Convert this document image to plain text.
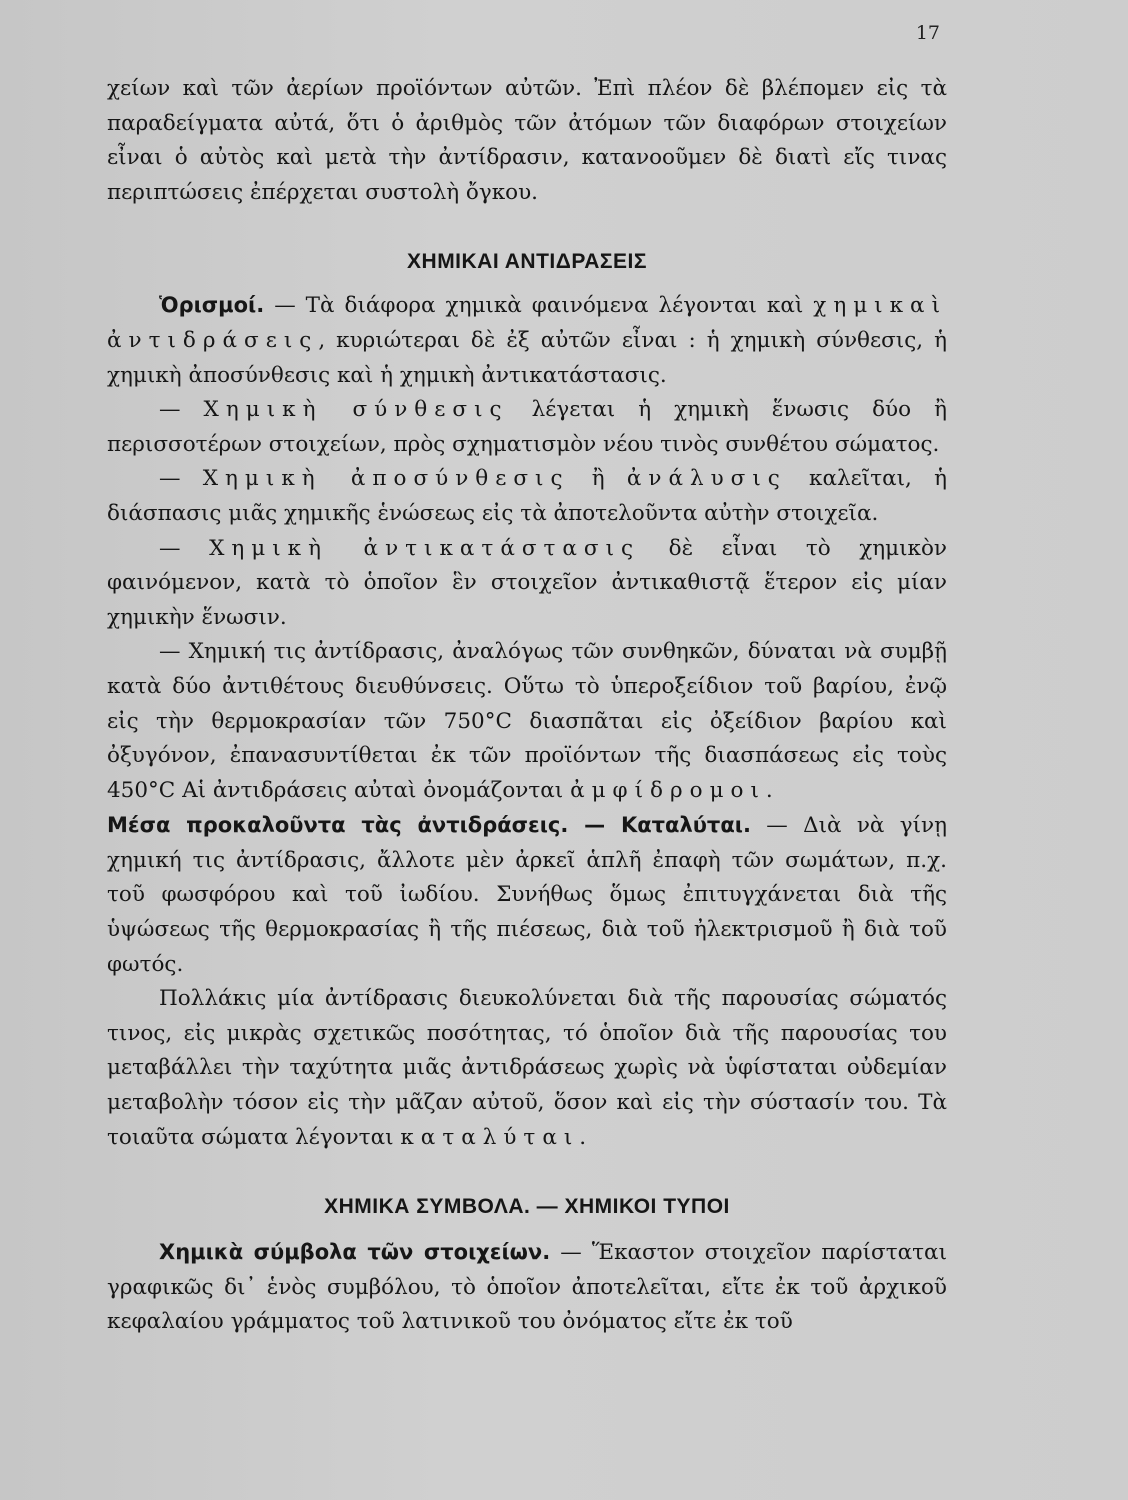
17

χείων καὶ τῶν ἀερίων προϊόντων αὐτῶν. Ἐπὶ πλέον δὲ βλέπομεν εἰς τὰ παραδείγματα αὐτά, ὅτι ὁ ἀριθμὸς τῶν ἀτόμων τῶν διαφόρων στοιχείων εἶναι ὁ αὐτὸς καὶ μετὰ τὴν ἀντίδρασιν, κατανοοῦμεν δὲ διατὶ εἴς τινας περιπτώσεις ἐπέρχεται συστολὴ ὄγκου.

ΧΗΜΙΚΑΙ ΑΝΤΙΔΡΑΣΕΙΣ

Ὁρισμοί. — Τὰ διάφορα χημικὰ φαινόμενα λέγονται καὶ χημικαὶ ἀντιδράσεις, κυριώτεραι δὲ ἐξ αὐτῶν εἶναι : ἡ χημικὴ σύνθεσις, ἡ χημικὴ ἀποσύνθεσις καὶ ἡ χημικὴ ἀντικατάστασις.

— Χημικὴ σύνθεσις λέγεται ἡ χημικὴ ἕνωσις δύο ἢ περισσοτέρων στοιχείων, πρὸς σχηματισμὸν νέου τινὸς συνθέτου σώματος.

— Χημικὴ ἀποσύνθεσις ἢ ἀνάλυσις καλεῖται, ἡ διάσπασις μιᾶς χημικῆς ἑνώσεως εἰς τὰ ἀποτελοῦντα αὐτὴν στοιχεῖα.

— Χημικὴ ἀντικατάστασις δὲ εἶναι τὸ χημικὸν φαινόμενον, κατὰ τὸ ὁποῖον ἓν στοιχεῖον ἀντικαθιστᾷ ἕτερον εἰς μίαν χημικὴν ἕνωσιν.

— Χημική τις ἀντίδρασις, ἀναλόγως τῶν συνθηκῶν, δύναται νὰ συμβῇ κατὰ δύο ἀντιθέτους διευθύνσεις. Οὕτω τὸ ὑπεροξείδιον τοῦ βαρίου, ἐνῷ εἰς τὴν θερμοκρασίαν τῶν 750°C διασπᾶται εἰς ὀξείδιον βαρίου καὶ ὀξυγόνον, ἐπανασυντίθεται ἐκ τῶν προϊόντων τῆς διασπάσεως εἰς τοὺς 450°C Αἱ ἀντιδράσεις αὐταὶ ὀνομάζονται ἀμφίδρομοι.

Μέσα προκαλοῦντα τὰς ἀντιδράσεις. — Καταλύται. — Διὰ νὰ γίνῃ χημική τις ἀντίδρασις, ἄλλοτε μὲν ἀρκεῖ ἁπλῆ ἐπαφὴ τῶν σωμάτων, π.χ. τοῦ φωσφόρου καὶ τοῦ ἰωδίου. Συνήθως ὅμως ἐπιτυγχάνεται διὰ τῆς ὑψώσεως τῆς θερμοκρασίας ἢ τῆς πιέσεως, διὰ τοῦ ἠλεκτρισμοῦ ἢ διὰ τοῦ φωτός.

Πολλάκις μία ἀντίδρασις διευκολύνεται διὰ τῆς παρουσίας σώματός τινος, εἰς μικρὰς σχετικῶς ποσότητας, τό ὁποῖον διὰ τῆς παρουσίας του μεταβάλλει τὴν ταχύτητα μιᾶς ἀντιδράσεως χωρὶς νὰ ὑφίσταται οὐδεμίαν μεταβολὴν τόσον εἰς τὴν μᾶζαν αὐτοῦ, ὅσον καὶ εἰς τὴν σύστασίν του. Τὰ τοιαῦτα σώματα λέγονται καταλύται.

ΧΗΜΙΚΑ ΣΥΜΒΟΛΑ. — ΧΗΜΙΚΟΙ ΤΥΠΟΙ

Χημικὰ σύμβολα τῶν στοιχείων. — Ἕκαστον στοιχεῖον παρίσταται γραφικῶς δι᾽ ἑνὸς συμβόλου, τὸ ὁποῖον ἀποτελεῖται, εἴτε ἐκ τοῦ ἀρχικοῦ κεφαλαίου γράμματος τοῦ λατινικοῦ του ὀνόματος εἴτε ἐκ τοῦ
